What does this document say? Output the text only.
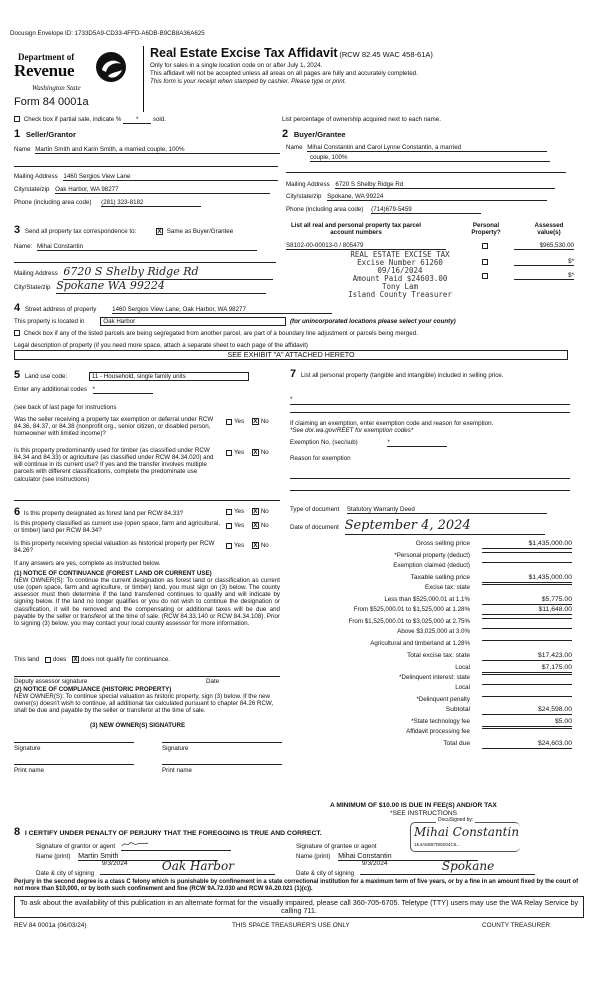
Docusign Envelope ID: 1733D5A9-CD33-4FFD-A6DB-B9CB8A36A625
Department of
Revenue
Washington State
Form 84 0001a
Real Estate Excise Tax Affidavit (RCW 82.45 WAC 458-61A)
Only for sales in a single location code on or after July 1, 2024.
This affidavit will not be accepted unless all areas on all pages are fully and accurately completed.
This form is your receipt when stamped by cashier. Please type or print.
Check box if partial sale, indicate % * sold.	List percentage of ownership acquired next to each name.
1 Seller/Grantor
Name Martin Smith and Karin Smith, a married couple, 100%
Mailing Address 1460 Sergios View Lane
City/state/zip Oak Harbor, WA 98277
Phone (including area code) (281) 323-8182
2 Buyer/Grantee
Name Mihai Constantin and Carol Lynne Constantin, a married
couple, 100%
Mailing Address 6720 S Shelby Ridge Rd
City/state/zip Spokane, WA 99224
Phone (including area code) (714)679-5459
3 Send all property tax correspondence to:	X Same as Buyer/Grantee
Name: Mihai Constantin
Mailing Address 6720 S Shelby Ridge Rd
City/State/zip Spokane WA 99224
List all real and personal property tax parcel account numbers
Personal Property?
Assessed value(s)
S8102-00-00013-0 / 805479	$965,530.00
$*
$*
REAL ESTATE EXCISE TAX
Excise Number 61260
09/16/2024
Amount Paid $24603.00
Tony Lam
Island County Treasurer
4 Street address of property	1460 Sergios View Lane, Oak Harbor, WA 98277
This property is located in	Oak Harbor	(for unincorporated locations please select your county)
Check box if any of the listed parcels are being segregated from another parcel, are part of a boundary line adjustment or parcels being merged.
Legal description of property (if you need more space, attach a separate sheet to each page of the affidavit)
SEE EXHIBIT "A" ATTACHED HERETO
5 Land use code:	11 - Household, single family units
Enter any additional codes *
(see back of last page for instructions
Was the seller receiving a property tax exemption or deferral under RCW 84.36, 84.37, or 84.38 (nonprofit org., senior citizen, or disabled person, homeowner with limited income)?
Yes X No
Is this property predominantly used for timber (as classified under RCW 84.34 and 84.33) or agriculture (as classified under RCW 84.34.020) and will continue in its current use? If yes and the transfer involves multiple parcels with different classifications, complete the predominate use calculator (see instructions)
Yes X No
6 Is this property designated as forest land per RCW 84.33?
Is this property classified as current use (open space, farm and agricultural, or timber) land per RCW 84.34?
Is this property receiving special valuation as historical property per RCW 84.26?
Yes X No
Yes X No
Yes X No
If any answers are yes, complete as instructed below.
(1) NOTICE OF CONTINUANCE (FOREST LAND OR CURRENT USE)
NEW OWNER(S): To continue the current designation as forest land or classification as current use (open space, farm and agriculture, or timber) land, you must sign on (3) below. The county assessor must then determine if the land transferred continues to qualify and will indicate by signing below. If the land no longer qualifies or you do not wish to continue the designation or classification, it will be removed and the compensating or additional taxes will be due and payable by the seller or transferor at the time of sale. (RCW 84.33.140 or RCW 84.34.108). Prior to signing (3) below, you may contact your local county assessor for more information.
This land does X does not qualify for continuance.
Deputy assessor signature	Date
(2) NOTICE OF COMPLIANCE (HISTORIC PROPERTY)
NEW OWNER(S): To continue special valuation as historic property, sign (3) below. If the new owner(s) doesn't wish to continue, all additional tax calculated pursuant to chapter 84.26 RCW, shall be due and payable by the seller or transferor at the time of sale.
(3) NEW OWNER(S) SIGNATURE
Signature	Signature
Print name	Print name
7 List all personal property (tangible and intangible) included in selling price.
*
If claiming an exemption, enter exemption code and reason for exemption.
*See dor.wa.gov/REET for exemption codes*
Exemption No. (sec/sub)	*
Reason for exemption
Type of document Statutory Warranty Deed
Date of document September 4, 2024
Gross selling price	$1,435,000.00
*Personal property (deduct)
Exemption claimed (deduct)
Taxable selling price	$1,435,000.00
Excise tax: state
Less than $525,000.01 at 1.1%	$5,775.00
From $525,000.01 to $1,525,000 at 1.28%	$11,648.00
From $1,525,000.01 to $3,025,000 at 2.75%
Above $3,025,000 at 3.0%
Agricultural and timberland at 1.28%
Total excise tax: state	$17,423.00
Local	$7,175.00
*Delinquent interest: state
Local
*Delinquent penalty
Subtotal	$24,598.00
*State technology fee	$5.00
Affidavit processing fee
Total due	$24,603.00
A MINIMUM OF $10.00 IS DUE IN FEE(S) AND/OR TAX
*SEE INSTRUCTIONS
8 I CERTIFY UNDER PENALTY OF PERJURY THAT THE FOREGOING IS TRUE AND CORRECT.
DocuSigned by:
Mihai Constantin
1E4A60B7DEE04C6...
Signature of grantor or agent	Signature of grantee or agent
Name (print) Martin Smith	Name (print) Mihai Constantin
Date & city of signing
9/3/2024	Oak Harbor
Date & city of signing
9/3/2024	Spokane
Perjury in the second degree is a class C felony which is punishable by confinement in a state correctional institution for a maximum term of five years, or by a fine in an amount fixed by the court of not more than $10,000, or by both such confinement and fine (RCW 9A.72.030 and RCW 9A.20.021 (1)(c)).
To ask about the availability of this publication in an alternate format for the visually impaired, please call 360-705-6705. Teletype (TTY) users may use the WA Relay Service by calling 711.
REV 84 0001a (06/03/24)	THIS SPACE TREASURER'S USE ONLY	COUNTY TREASURER
